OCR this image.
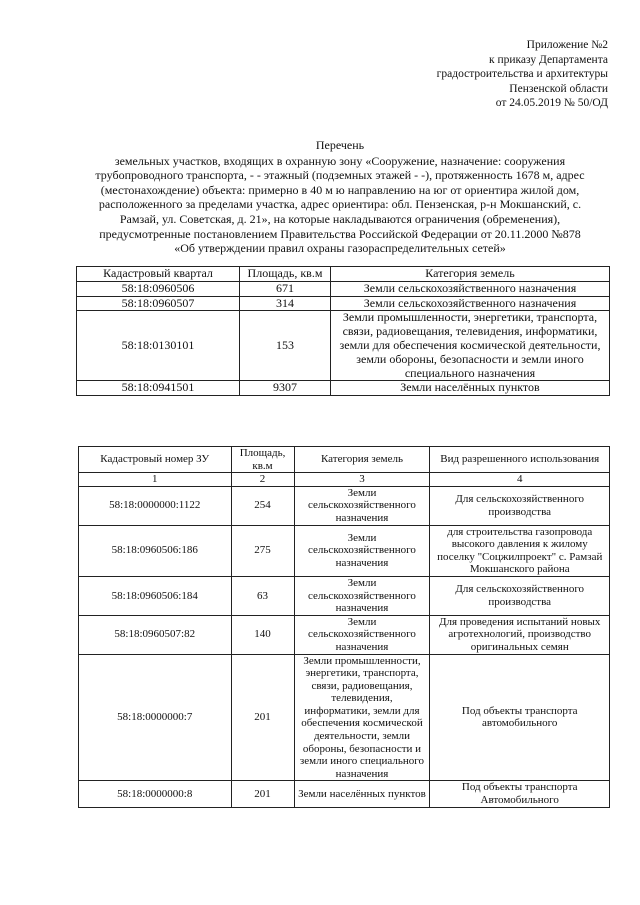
Приложение №2
к приказу Департамента
градостроительства и архитектуры
Пензенской области
от 24.05.2019 № 50/ОД
Перечень
земельных участков, входящих в охранную зону «Сооружение, назначение: сооружения трубопроводного транспорта, - - этажный (подземных этажей - -), протяженность 1678 м, адрес (местонахождение) объекта: примерно в 40 м ю направлению на юг от ориентира жилой дом, расположенного за пределами участка, адрес ориентира: обл. Пензенская, р-н Мокшанский, с. Рамзай, ул. Советская, д. 21», на которые накладываются ограничения (обременения), предусмотренные постановлением Правительства Российской Федерации от 20.11.2000 №878 «Об утверждении правил охраны газораспределительных сетей»
Кадастровый квартал	Площадь, кв.м	Категория земель
58:18:0960506	671	Земли сельскохозяйственного назначения
58:18:0960507	314	Земли сельскохозяйственного назначения
58:18:0130101	153	Земли промышленности, энергетики, транспорта, связи, радиовещания, телевидения, информатики, земли для обеспечения космической деятельности, земли обороны, безопасности и земли иного специального назначения
58:18:0941501	9307	Земли населённых пунктов
Кадастровый номер ЗУ	Площадь, кв.м	Категория земель	Вид разрешенного использования
1	2	3	4
58:18:0000000:1122	254	Земли сельскохозяйственного назначения	Для сельскохозяйственного производства
58:18:0960506:186	275	Земли сельскохозяйственного назначения	для строительства газопровода высокого давления к жилому поселку "Соцжилпроект" с. Рамзай Мокшанского района
58:18:0960506:184	63	Земли сельскохозяйственного назначения	Для сельскохозяйственного производства
58:18:0960507:82	140	Земли сельскохозяйственного назначения	Для проведения испытаний новых агротехнологий, производство оригинальных семян
58:18:0000000:7	201	Земли промышленности, энергетики, транспорта, связи, радиовещания, телевидения, информатики, земли для обеспечения космической деятельности, земли обороны, безопасности и земли иного специального назначения	Под объекты транспорта автомобильного
58:18:0000000:8	201	Земли населённых пунктов	Под объекты транспорта Автомобильного
